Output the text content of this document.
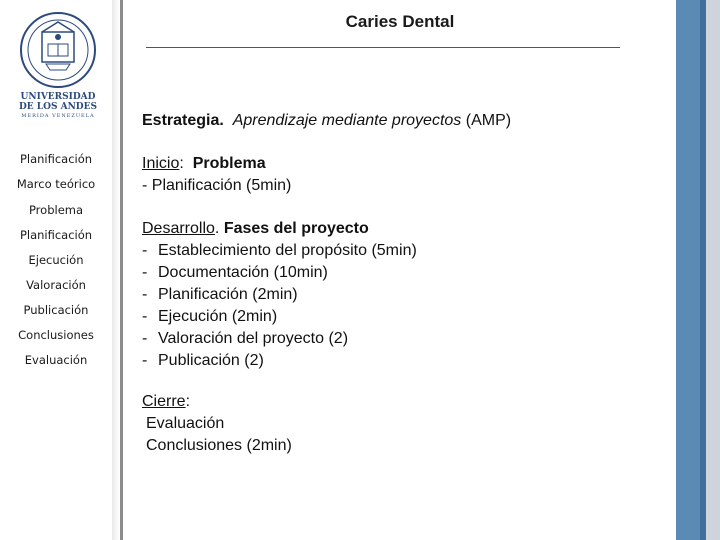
UNIVERSIDAD
DE LOS ANDES
MERIDA VENEZUELA
Planificación
Marco teórico
Problema
Planificación
Ejecución
Valoración
Publicación
Conclusiones
Evaluación
Caries Dental
Estrategia. Aprendizaje mediante proyectos (AMP)
Inicio: Problema
- Planificación (5min)
Desarrollo. Fases del proyecto
- Establecimiento del propósito (5min)
- Documentación (10min)
- Planificación (2min)
- Ejecución (2min)
- Valoración del proyecto (2)
- Publicación (2)
Cierre:
Evaluación
Conclusiones (2min)
